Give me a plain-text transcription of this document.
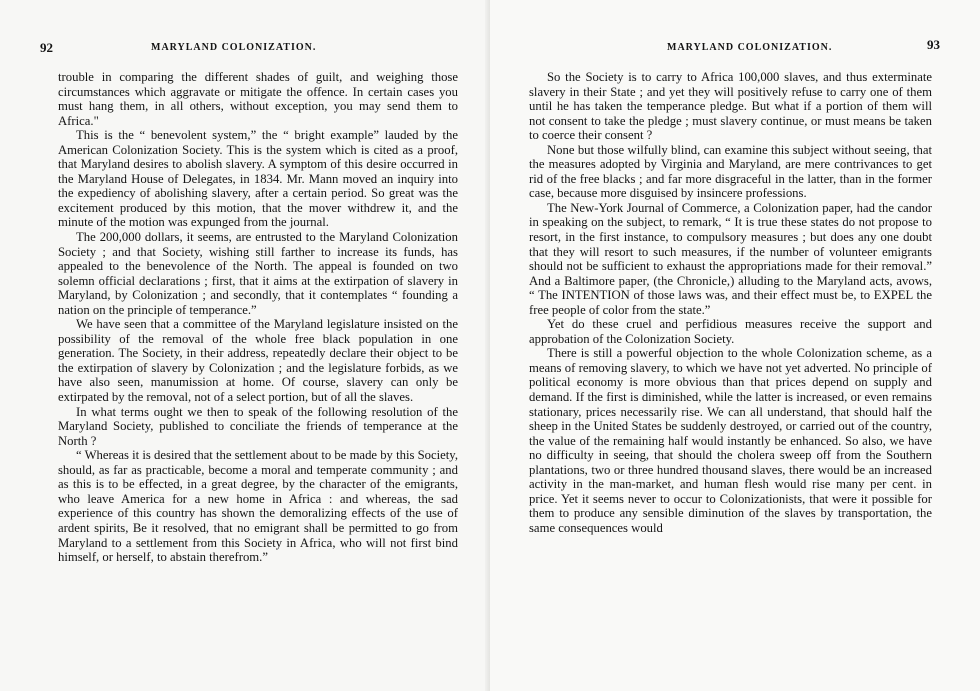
92	MARYLAND COLONIZATION.

trouble in comparing the different shades of guilt, and weighing those circumstances which aggravate or mitigate the offence. In certain cases you must hang them, in all others, without exception, you may send them to Africa."

This is the “ benevolent system,” the “ bright example” lauded by the American Colonization Society. This is the system which is cited as a proof, that Maryland desires to abolish slavery. A symptom of this desire occurred in the Maryland House of Delegates, in 1834. Mr. Mann moved an inquiry into the expediency of abolishing slavery, after a certain period. So great was the excitement produced by this motion, that the mover withdrew it, and the minute of the motion was expunged from the journal.

The 200,000 dollars, it seems, are entrusted to the Maryland Colonization Society ; and that Society, wishing still farther to increase its funds, has appealed to the benevolence of the North. The appeal is founded on two solemn official declarations ; first, that it aims at the extirpation of slavery in Maryland, by Colonization ; and secondly, that it contemplates “ founding a nation on the principle of temperance.”

We have seen that a committee of the Maryland legislature insisted on the possibility of the removal of the whole free black population in one generation. The Society, in their address, repeatedly declare their object to be the extirpation of slavery by Colonization ; and the legislature forbids, as we have also seen, manumission at home. Of course, slavery can only be extirpated by the removal, not of a select portion, but of all the slaves.

In what terms ought we then to speak of the following resolution of the Maryland Society, published to conciliate the friends of temperance at the North ?

“ Whereas it is desired that the settlement about to be made by this Society, should, as far as practicable, become a moral and temperate community ; and as this is to be effected, in a great degree, by the character of the emigrants, who leave America for a new home in Africa : and whereas, the sad experience of this country has shown the demoralizing effects of the use of ardent spirits, Be it resolved, that no emigrant shall be permitted to go from Maryland to a settlement from this Society in Africa, who will not first bind himself, or herself, to abstain therefrom.”

MARYLAND COLONIZATION.	93

So the Society is to carry to Africa 100,000 slaves, and thus exterminate slavery in their State ; and yet they will positively refuse to carry one of them until he has taken the temperance pledge. But what if a portion of them will not consent to take the pledge ; must slavery continue, or must means be taken to coerce their consent ?

None but those wilfully blind, can examine this subject without seeing, that the measures adopted by Virginia and Maryland, are mere contrivances to get rid of the free blacks ; and far more disgraceful in the latter, than in the former case, because more disguised by insincere professions.

The New-York Journal of Commerce, a Colonization paper, had the candor in speaking on the subject, to remark, “ It is true these states do not propose to resort, in the first instance, to compulsory measures ; but does any one doubt that they will resort to such measures, if the number of volunteer emigrants should not be sufficient to exhaust the appropriations made for their removal.” And a Baltimore paper, (the Chronicle,) alluding to the Maryland acts, avows, “ The INTENTION of those laws was, and their effect must be, to EXPEL the free people of color from the state.”

Yet do these cruel and perfidious measures receive the support and approbation of the Colonization Society.

There is still a powerful objection to the whole Colonization scheme, as a means of removing slavery, to which we have not yet adverted. No principle of political economy is more obvious than that prices depend on supply and demand. If the first is diminished, while the latter is increased, or even remains stationary, prices necessarily rise. We can all understand, that should half the sheep in the United States be suddenly destroyed, or carried out of the country, the value of the remaining half would instantly be enhanced. So also, we have no difficulty in seeing, that should the cholera sweep off from the Southern plantations, two or three hundred thousand slaves, there would be an increased activity in the man-market, and human flesh would rise many per cent. in price. Yet it seems never to occur to Colonizationists, that were it possible for them to produce any sensible diminution of the slaves by transportation, the same consequences would
